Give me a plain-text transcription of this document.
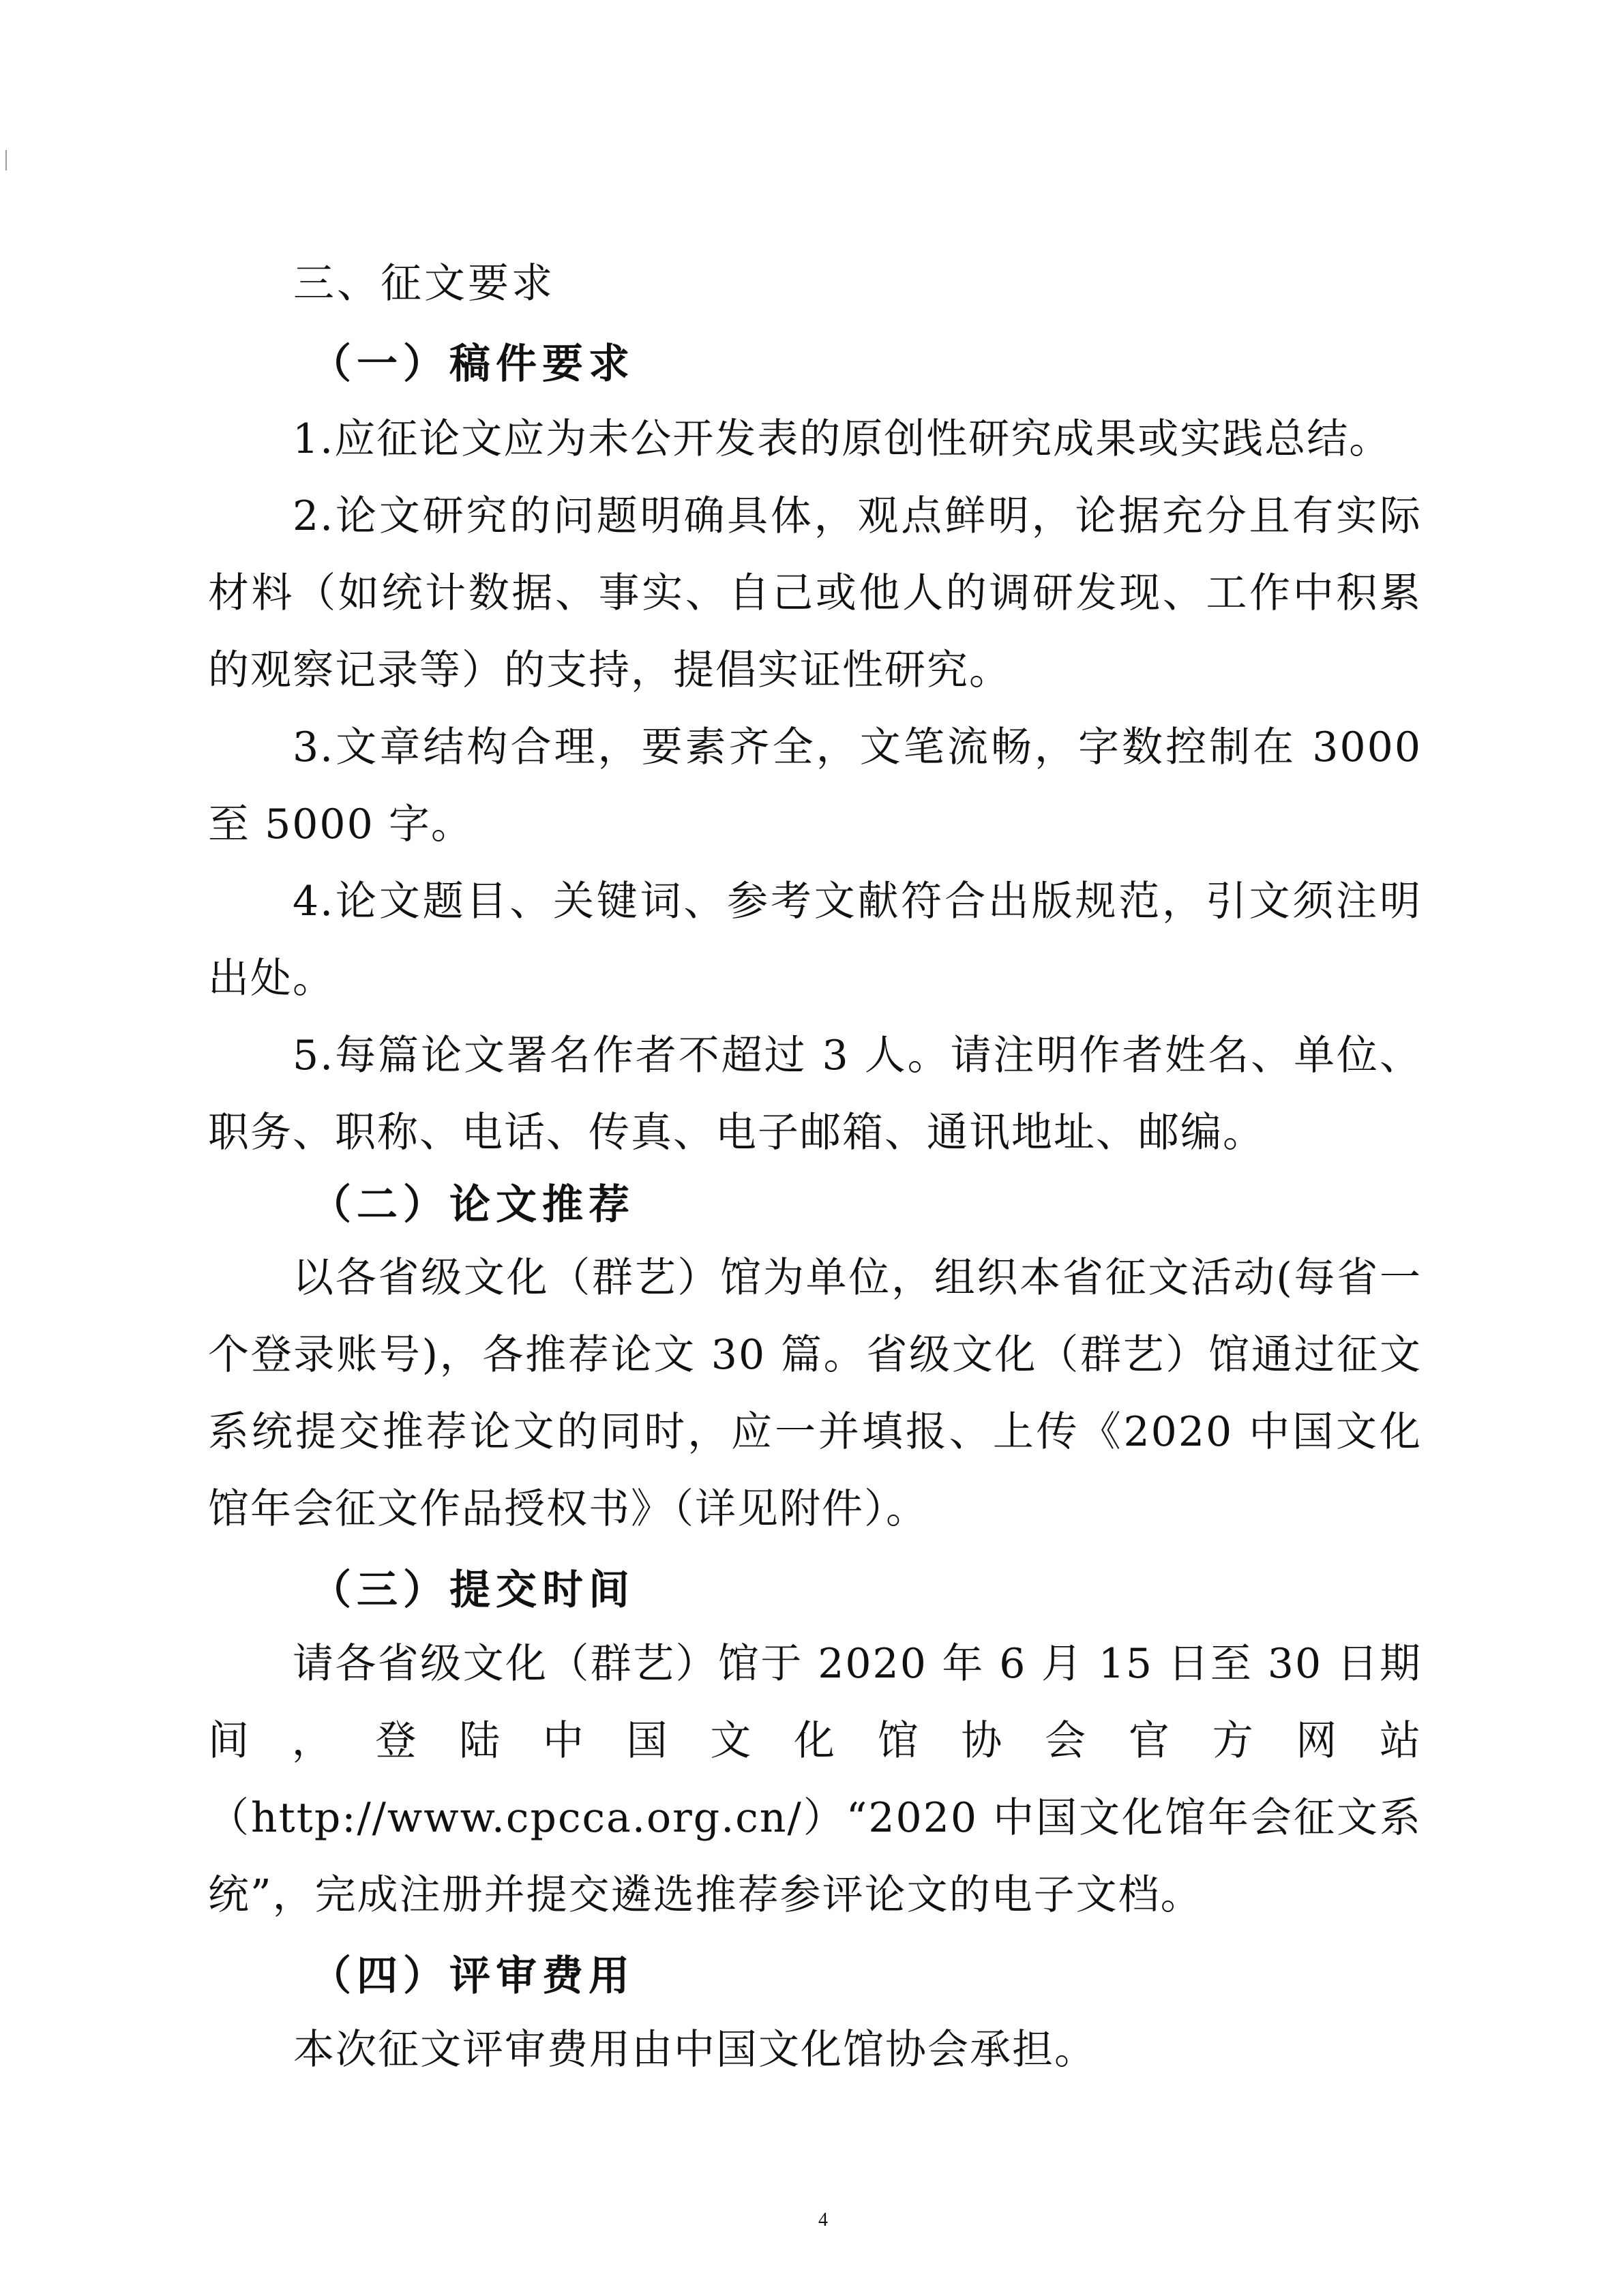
三、征文要求
（一）稿件要求
1.应征论文应为未公开发表的原创性研究成果或实践总结。
2.论文研究的问题明确具体，观点鲜明，论据充分且有实际材料（如统计数据、事实、自己或他人的调研发现、工作中积累的观察记录等）的支持，提倡实证性研究。
3.文章结构合理，要素齐全，文笔流畅，字数控制在 3000 至 5000 字。
4.论文题目、关键词、参考文献符合出版规范，引文须注明出处。
5.每篇论文署名作者不超过 3 人。请注明作者姓名、单位、职务、职称、电话、传真、电子邮箱、通讯地址、邮编。
（二）论文推荐
以各省级文化（群艺）馆为单位，组织本省征文活动(每省一个登录账号)，各推荐论文 30 篇。省级文化（群艺）馆通过征文系统提交推荐论文的同时，应一并填报、上传《2020 中国文化馆年会征文作品授权书》（详见附件）。
（三）提交时间
请各省级文化（群艺）馆于 2020 年 6 月 15 日至 30 日期间，登陆中国文化馆协会官方网站（http://www.cpcca.org.cn/）“2020 中国文化馆年会征文系统”，完成注册并提交遴选推荐参评论文的电子文档。
（四）评审费用
本次征文评审费用由中国文化馆协会承担。
4
